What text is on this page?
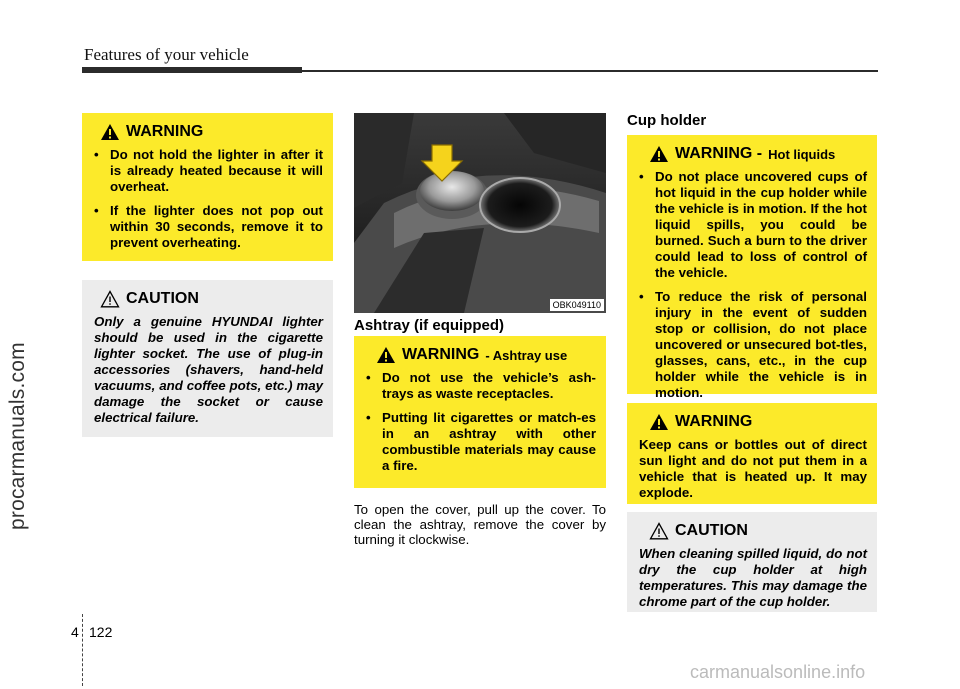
Features of your vehicle
procarmanuals.com
carmanualsonline.info
WARNING
• Do not hold the lighter in after it is already heated because it will overheat.
• If the lighter does not pop out within 30 seconds, remove it to prevent overheating.
CAUTION
Only a genuine HYUNDAI lighter should be used in the cigarette lighter socket. The use of plug-in accessories (shavers, hand-held vacuums, and coffee pots, etc.) may damage the socket or cause electrical failure.
OBK049110
Ashtray (if equipped)
WARNING - Ashtray use
• Do not use the vehicle’s ash-trays as waste receptacles.
• Putting lit cigarettes or match-es in an ashtray with other combustible materials may cause a fire.
To open the cover, pull up the cover. To clean the ashtray, remove the cover by turning it clockwise.
Cup holder
WARNING - Hot liquids
• Do not place uncovered cups of hot liquid in the cup holder while the vehicle is in motion. If the hot liquid spills, you could be burned. Such a burn to the driver could lead to loss of control of the vehicle.
• To reduce the risk of personal injury in the event of sudden stop or collision, do not place uncovered or unsecured bot-tles, glasses, cans, etc., in the cup holder while the vehicle is in motion.
WARNING
Keep cans or bottles out of direct sun light and do not put them in a vehicle that is heated up. It may explode.
CAUTION
When cleaning spilled liquid, do not dry the cup holder at high temperatures. This may damage the chrome part of the cup holder.
4 122
